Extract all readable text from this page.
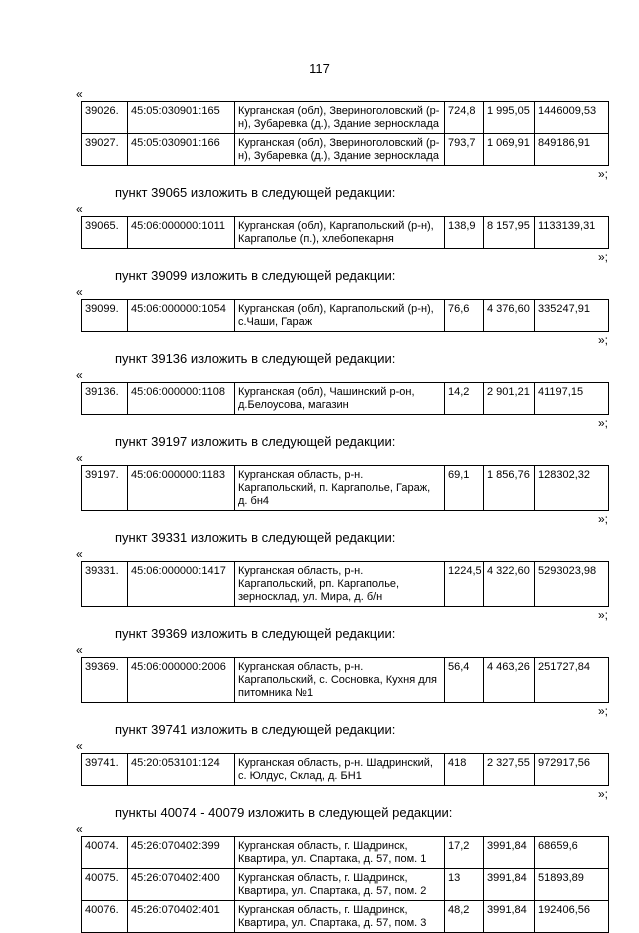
117
«
39026.	45:05:030901:165	Курганская (обл), Звериноголовский (р-н), Зубаревка (д.), Здание зерносклада	724,8	1 995,05	1446009,53
39027.	45:05:030901:166	Курганская (обл), Звериноголовский (р-н), Зубаревка (д.), Здание зерносклада	793,7	1 069,91	849186,91
»;
пункт 39065 изложить в следующей редакции:
«
39065.	45:06:000000:1011	Курганская (обл), Каргапольский (р-н), Каргаполье (п.), хлебопекарня	138,9	8 157,95	1133139,31
»;
пункт 39099 изложить в следующей редакции:
«
39099.	45:06:000000:1054	Курганская (обл), Каргапольский (р-н), с.Чаши, Гараж	76,6	4 376,60	335247,91
»;
пункт 39136 изложить в следующей редакции:
«
39136.	45:06:000000:1108	Курганская (обл), Чашинский р-он, д.Белоусова, магазин	14,2	2 901,21	41197,15
»;
пункт 39197 изложить в следующей редакции:
«
39197.	45:06:000000:1183	Курганская область, р-н. Каргапольский, п. Каргаполье, Гараж, д. бн4	69,1	1 856,76	128302,32
»;
пункт 39331 изложить в следующей редакции:
«
39331.	45:06:000000:1417	Курганская область, р-н. Каргапольский, рп. Каргаполье, зерносклад, ул. Мира, д. б/н	1224,5	4 322,60	5293023,98
»;
пункт 39369 изложить в следующей редакции:
«
39369.	45:06:000000:2006	Курганская область, р-н. Каргапольский, с. Сосновка, Кухня для питомника №1	56,4	4 463,26	251727,84
»;
пункт 39741 изложить в следующей редакции:
«
39741.	45:20:053101:124	Курганская область, р-н. Шадринский, с. Юлдус, Склад, д. БН1	418	2 327,55	972917,56
»;
пункты 40074 - 40079 изложить в следующей редакции:
«
40074.	45:26:070402:399	Курганская область, г. Шадринск, Квартира, ул. Спартака, д. 57, пом. 1	17,2	3991,84	68659,6
40075.	45:26:070402:400	Курганская область, г. Шадринск, Квартира, ул. Спартака, д. 57, пом. 2	13	3991,84	51893,89
40076.	45:26:070402:401	Курганская область, г. Шадринск, Квартира, ул. Спартака, д. 57, пом. 3	48,2	3991,84	192406,56
